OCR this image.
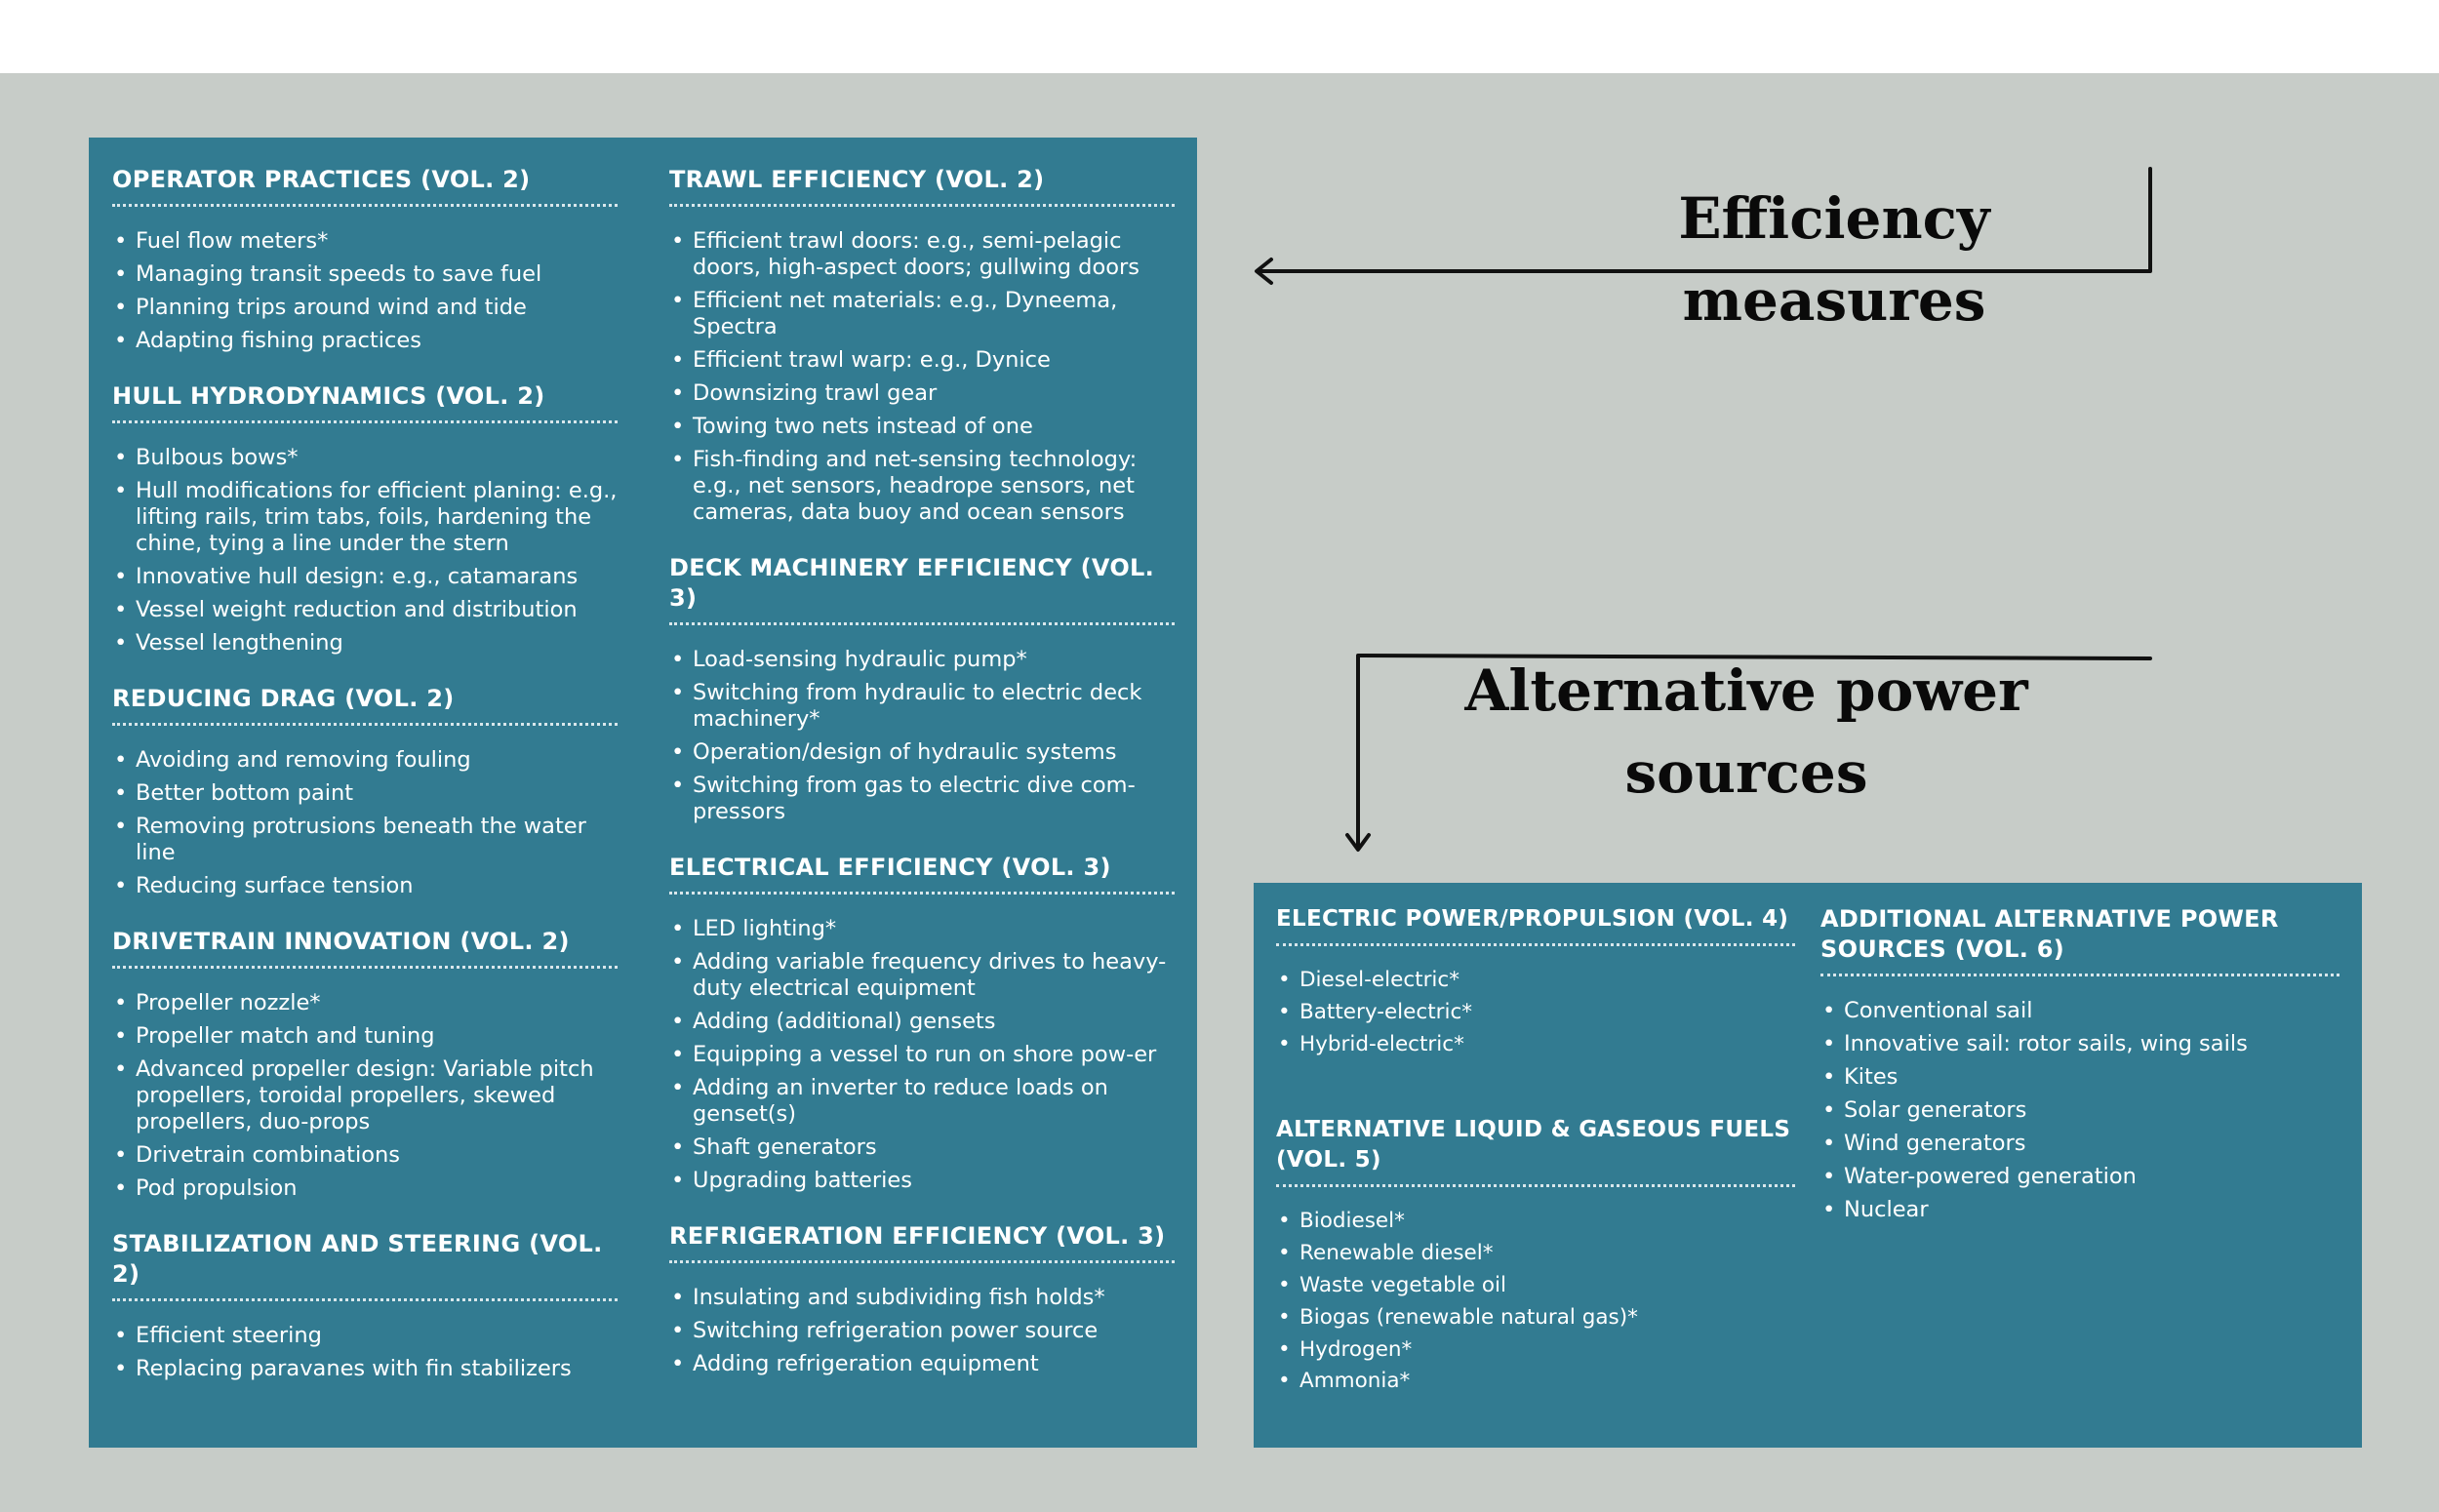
OPERATOR PRACTICES (VOL. 2)
• Fuel flow meters*
• Managing transit speeds to save fuel
• Planning trips around wind and tide
• Adapting fishing practices
HULL HYDRODYNAMICS (VOL. 2)
• Bulbous bows*
• Hull modifications for efficient planing: e.g., lifting rails, trim tabs, foils, hardening the chine, tying a line under the stern
• Innovative hull design: e.g., catamarans
• Vessel weight reduction and distribution
• Vessel lengthening
REDUCING DRAG (VOL. 2)
• Avoiding and removing fouling
• Better bottom paint
• Removing protrusions beneath the water line
• Reducing surface tension
DRIVETRAIN INNOVATION (VOL. 2)
• Propeller nozzle*
• Propeller match and tuning
• Advanced propeller design: Variable pitch propellers, toroidal propellers, skewed propellers, duo-props
• Drivetrain combinations
• Pod propulsion
STABILIZATION AND STEERING (VOL. 2)
• Efficient steering
• Replacing paravanes with fin stabilizers
TRAWL EFFICIENCY (VOL. 2)
• Efficient trawl doors: e.g., semi-pelagic doors, high-aspect doors; gullwing doors
• Efficient net materials: e.g., Dyneema, Spectra
• Efficient trawl warp: e.g., Dynice
• Downsizing trawl gear
• Towing two nets instead of one
• Fish-finding and net-sensing technology: e.g., net sensors, headrope sensors, net cameras, data buoy and ocean sensors
DECK MACHINERY EFFICIENCY (VOL. 3)
• Load-sensing hydraulic pump*
• Switching from hydraulic to electric deck machinery*
• Operation/design of hydraulic systems
• Switching from gas to electric dive com-pressors
ELECTRICAL EFFICIENCY (VOL. 3)
• LED lighting*
• Adding variable frequency drives to heavy-duty electrical equipment
• Adding (additional) gensets
• Equipping a vessel to run on shore pow-er
• Adding an inverter to reduce loads on genset(s)
• Shaft generators
• Upgrading batteries
REFRIGERATION EFFICIENCY (VOL. 3)
• Insulating and subdividing fish holds*
• Switching refrigeration power source
• Adding refrigeration equipment
ELECTRIC POWER/PROPULSION (VOL. 4)
• Diesel-electric*
• Battery-electric*
• Hybrid-electric*
ALTERNATIVE LIQUID & GASEOUS FUELS (VOL. 5)
• Biodiesel*
• Renewable diesel*
• Waste vegetable oil
• Biogas (renewable natural gas)*
• Hydrogen*
• Ammonia*
ADDITIONAL ALTERNATIVE POWER SOURCES (VOL. 6)
• Conventional sail
• Innovative sail: rotor sails, wing sails
• Kites
• Solar generators
• Wind generators
• Water-powered generation
• Nuclear
Efficiency
measures
Alternative power
sources
